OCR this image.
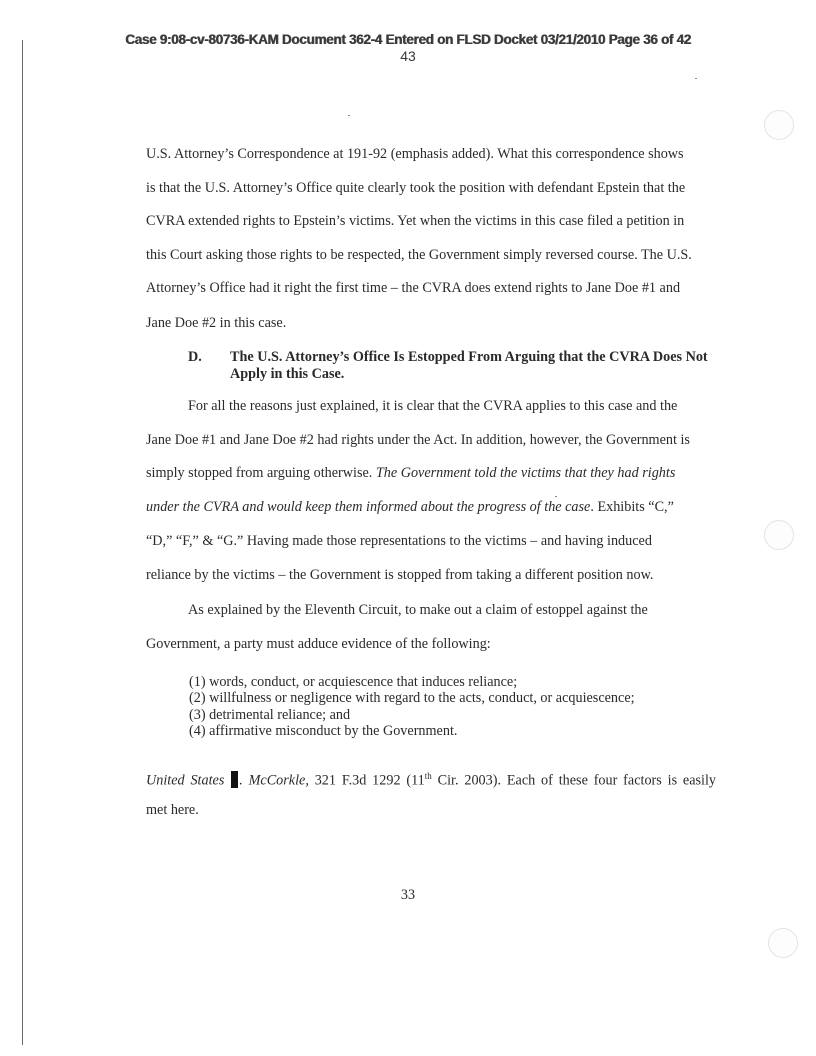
Case 9:08-cv-80736-KAM Document 362-4 Entered on FLSD Docket 03/21/2010 Page 36 of 42
43
U.S. Attorney’s Correspondence at 191-92 (emphasis added). What this correspondence shows
is that the U.S. Attorney’s Office quite clearly took the position with defendant Epstein that the
CVRA extended rights to Epstein’s victims. Yet when the victims in this case filed a petition in
this Court asking those rights to be respected, the Government simply reversed course. The U.S.
Attorney’s Office had it right the first time – the CVRA does extend rights to Jane Doe #1 and
Jane Doe #2 in this case.
D. The U.S. Attorney’s Office Is Estopped From Arguing that the CVRA Does Not Apply in this Case.
For all the reasons just explained, it is clear that the CVRA applies to this case and the
Jane Doe #1 and Jane Doe #2 had rights under the Act. In addition, however, the Government is
simply stopped from arguing otherwise. The Government told the victims that they had rights
under the CVRA and would keep them informed about the progress of the case. Exhibits “C,”
“D,” “F,” & “G.” Having made those representations to the victims – and having induced
reliance by the victims – the Government is stopped from taking a different position now.
As explained by the Eleventh Circuit, to make out a claim of estoppel against the
Government, a party must adduce evidence of the following:
(1) words, conduct, or acquiescence that induces reliance;
(2) willfulness or negligence with regard to the acts, conduct, or acquiescence;
(3) detrimental reliance; and
(4) affirmative misconduct by the Government.
United States . McCorkle, 321 F.3d 1292 (11th Cir. 2003). Each of these four factors is easily
met here.
33
